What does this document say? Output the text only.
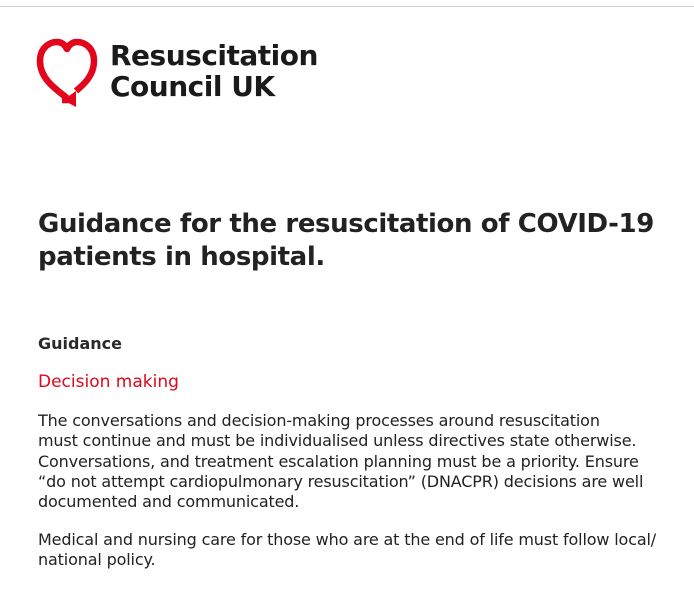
Resuscitation
Council UK
Guidance for the resuscitation of COVID-19
patients in hospital.

Guidance

Decision making

The conversations and decision-making processes around resuscitation
must continue and must be individualised unless directives state otherwise.
Conversations, and treatment escalation planning must be a priority. Ensure
“do not attempt cardiopulmonary resuscitation” (DNACPR) decisions are well
documented and communicated.

Medical and nursing care for those who are at the end of life must follow local/
national policy.
